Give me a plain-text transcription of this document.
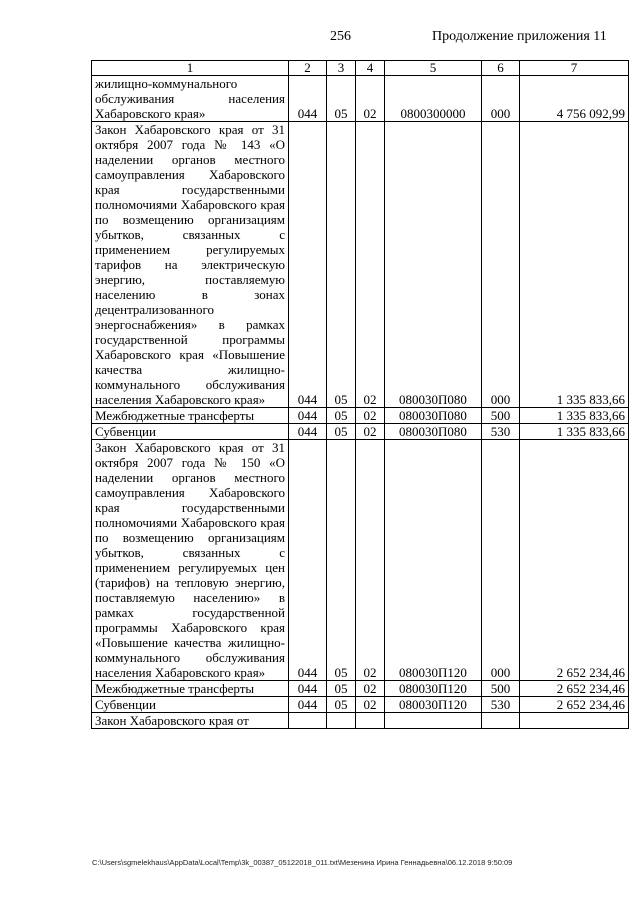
256	Продолжение приложения 11
1	2	3	4	5	6	7
жилищно-коммунального обслуживания населения Хабаровского края»	044	05	02	0800300000	000	4 756 092,99
Закон Хабаровского края от 31 октября 2007 года № 143 «О наделении органов местного самоуправления Хабаровского края государственными полномочиями Хабаровского края по возмещению организациям убытков, связанных с применением регулируемых тарифов на электрическую энергию, поставляемую населению в зонах децентрализованного энергоснабжения» в рамках государственной программы Хабаровского края «Повышение качества жилищно-коммунального обслуживания населения Хабаровского края»	044	05	02	080030П080	000	1 335 833,66
Межбюджетные трансферты	044	05	02	080030П080	500	1 335 833,66
Субвенции	044	05	02	080030П080	530	1 335 833,66
Закон Хабаровского края от 31 октября 2007 года № 150 «О наделении органов местного самоуправления Хабаровского края государственными полномочиями Хабаровского края по возмещению организациям убытков, связанных с применением регулируемых цен (тарифов) на тепловую энергию, поставляемую населению» в рамках государственной программы Хабаровского края «Повышение качества жилищно-коммунального обслуживания населения Хабаровского края»	044	05	02	080030П120	000	2 652 234,46
Межбюджетные трансферты	044	05	02	080030П120	500	2 652 234,46
Субвенции	044	05	02	080030П120	530	2 652 234,46
Закон Хабаровского края от						
C:\Users\sgmelekhaus\AppData\Local\Temp\3k_00387_05122018_011.txt\Мезенина Ирина Геннадьевна\06.12.2018 9:50:09
